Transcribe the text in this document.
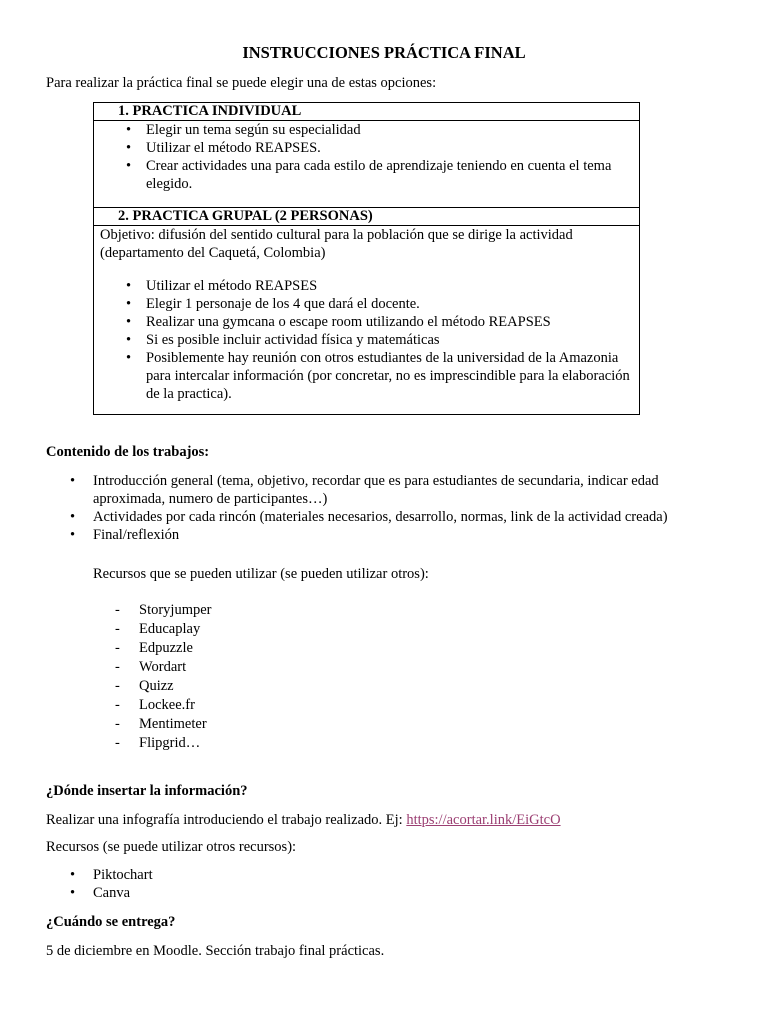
INSTRUCCIONES PRÁCTICA FINAL
Para realizar la práctica final se puede elegir una de estas opciones:
1. PRACTICA INDIVIDUAL
• Elegir un tema según su especialidad
• Utilizar el método REAPSES.
• Crear actividades una para cada estilo de aprendizaje teniendo en cuenta el tema elegido.
2. PRACTICA GRUPAL (2 PERSONAS)
Objetivo: difusión del sentido cultural para la población que se dirige la actividad (departamento del Caquetá, Colombia)
• Utilizar el método REAPSES
• Elegir 1 personaje de los 4 que dará el docente.
• Realizar una gymcana o escape room utilizando el método REAPSES
• Si es posible incluir actividad física y matemáticas
• Posiblemente hay reunión con otros estudiantes de la universidad de la Amazonia para intercalar información (por concretar, no es imprescindible para la elaboración de la practica).
Contenido de los trabajos:
• Introducción general (tema, objetivo, recordar que es para estudiantes de secundaria, indicar edad aproximada, numero de participantes…)
• Actividades por cada rincón (materiales necesarios, desarrollo, normas, link de la actividad creada)
• Final/reflexión
Recursos que se pueden utilizar (se pueden utilizar otros):
- Storyjumper
- Educaplay
- Edpuzzle
- Wordart
- Quizz
- Lockee.fr
- Mentimeter
- Flipgrid…
¿Dónde insertar la información?
Realizar una infografía introduciendo el trabajo realizado. Ej: https://acortar.link/EiGtcO
Recursos (se puede utilizar otros recursos):
• Piktochart
• Canva
¿Cuándo se entrega?
5 de diciembre en Moodle. Sección trabajo final prácticas.
